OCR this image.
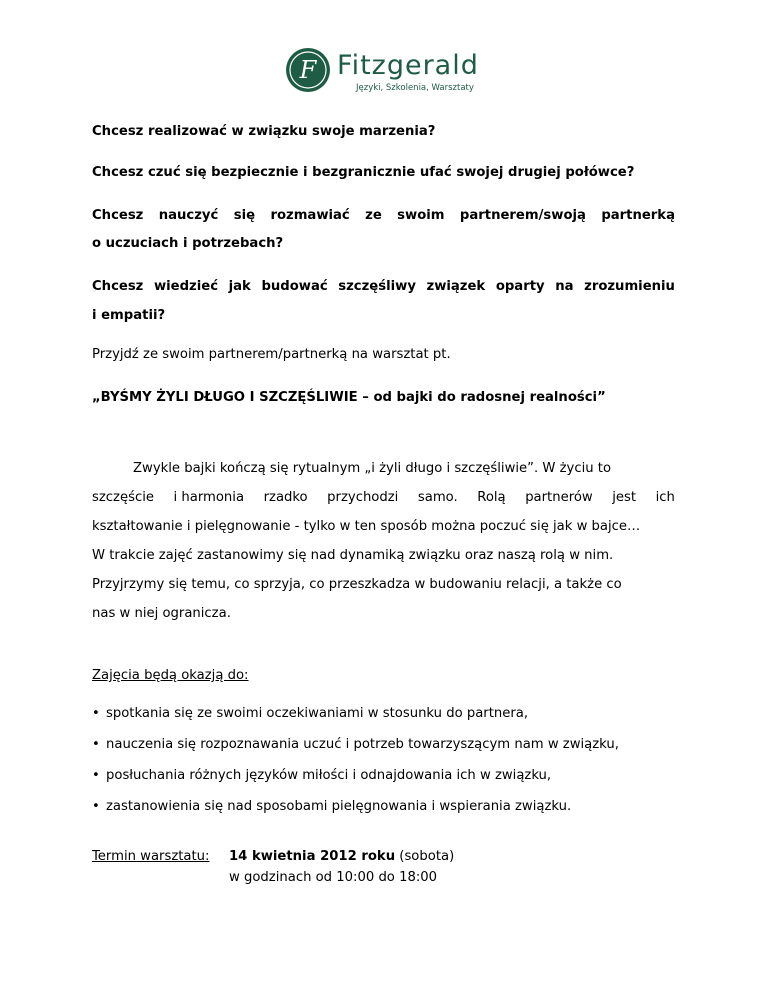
F Fitzgerald
Języki, Szkolenia, Warsztaty
Chcesz realizować w związku swoje marzenia?
Chcesz czuć się bezpiecznie i bezgranicznie ufać swojej drugiej połówce?
Chcesz nauczyć się rozmawiać ze swoim partnerem/swoją partnerką
o uczuciach i potrzebach?
Chcesz wiedzieć jak budować szczęśliwy związek oparty na zrozumieniu
i empatii?
Przyjdź ze swoim partnerem/partnerką na warsztat pt.
„BYŚMY ŻYLI DŁUGO I SZCZĘŚLIWIE – od bajki do radosnej realności”
Zwykle bajki kończą się rytualnym „i żyli długo i szczęśliwie”. W życiu to
szczęście i harmonia rzadko przychodzi samo. Rolą partnerów jest ich
kształtowanie i pielęgnowanie - tylko w ten sposób można poczuć się jak w bajce…
W trakcie zajęć zastanowimy się nad dynamiką związku oraz naszą rolą w nim.
Przyjrzymy się temu, co sprzyja, co przeszkadza w budowaniu relacji, a także co
nas w niej ogranicza.
Zajęcia będą okazją do:
• spotkania się ze swoimi oczekiwaniami w stosunku do partnera,
• nauczenia się rozpoznawania uczuć i potrzeb towarzyszącym nam w związku,
• posłuchania różnych języków miłości i odnajdowania ich w związku,
• zastanowienia się nad sposobami pielęgnowania i wspierania związku.
Termin warsztatu: 14 kwietnia 2012 roku (sobota)
w godzinach od 10:00 do 18:00
